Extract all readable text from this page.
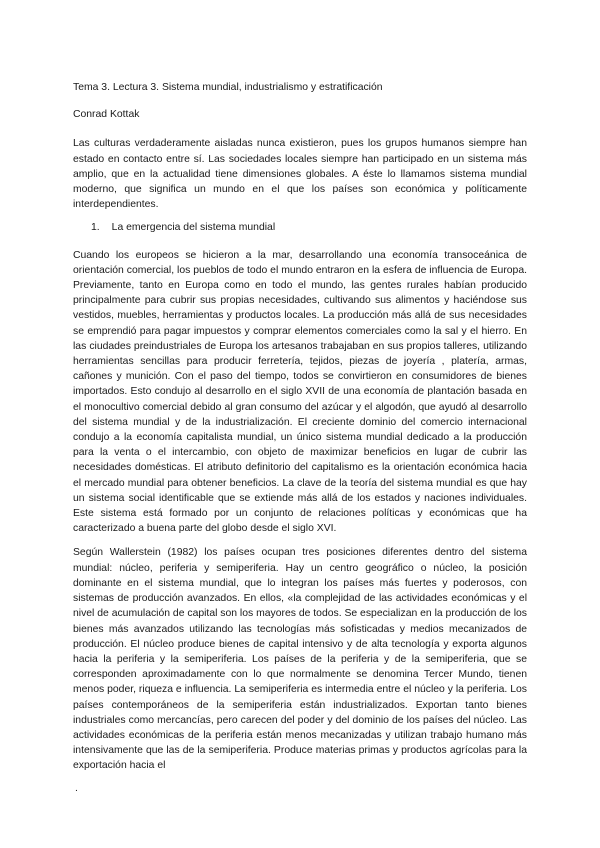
Tema 3. Lectura 3. Sistema mundial, industrialismo y estratificación
Conrad Kottak

Las culturas verdaderamente aisladas nunca existieron, pues los grupos humanos siempre han estado en contacto entre sí. Las sociedades locales siempre han participado en un sistema más amplio, que en la actualidad tiene dimensiones globales. A éste lo llamamos sistema mundial moderno, que significa un mundo en el que los países son económica y políticamente interdependientes.

1. La emergencia del sistema mundial

Cuando los europeos se hicieron a la mar, desarrollando una economía transoceánica de orientación comercial, los pueblos de todo el mundo entraron en la esfera de influencia de Europa. Previamente, tanto en Europa como en todo el mundo, las gentes rurales habían producido principalmente para cubrir sus propias necesidades, cultivando sus alimentos y haciéndose sus vestidos, muebles, herramientas y productos locales. La producción más allá de sus necesidades se emprendió para pagar impuestos y comprar elementos comerciales como la sal y el hierro. En las ciudades preindustriales de Europa los artesanos trabajaban en sus propios talleres, utilizando herramientas sencillas para producir ferretería, tejidos, piezas de joyería , platería, armas, cañones y munición. Con el paso del tiempo, todos se convirtieron en consumidores de bienes importados. Esto condujo al desarrollo en el siglo XVII de una economía de plantación basada en el monocultivo comercial debido al gran consumo del azúcar y el algodón, que ayudó al desarrollo del sistema mundial y de la industrialización. El creciente dominio del comercio internacional condujo a la economía capitalista mundial, un único sistema mundial dedicado a la producción para la venta o el intercambio, con objeto de maximizar beneficios en lugar de cubrir las necesidades domésticas. El atributo definitorio del capitalismo es la orientación económica hacia el mercado mundial para obtener beneficios. La clave de la teoría del sistema mundial es que hay un sistema social identificable que se extiende más allá de los estados y naciones individuales. Este sistema está formado por un conjunto de relaciones políticas y económicas que ha caracterizado a buena parte del globo desde el siglo XVI.

Según Wallerstein (1982) los países ocupan tres posiciones diferentes dentro del sistema mundial: núcleo, periferia y semiperiferia. Hay un centro geográfico o núcleo, la posición dominante en el sistema mundial, que lo integran los países más fuertes y poderosos, con sistemas de producción avanzados. En ellos, «la complejidad de las actividades económicas y el nivel de acumulación de capital son los mayores de todos. Se especializan en la producción de los bienes más avanzados utilizando las tecnologías más sofisticadas y medios mecanizados de producción. El núcleo produce bienes de capital intensivo y de alta tecnología y exporta algunos hacia la periferia y la semiperiferia. Los países de la periferia y de la semiperiferia, que se corresponden aproximadamente con lo que normalmente se denomina Tercer Mundo, tienen menos poder, riqueza e influencia. La semiperiferia es intermedia entre el núcleo y la periferia. Los países contemporáneos de la semiperiferia están industrializados. Exportan tanto bienes industriales como mercancías, pero carecen del poder y del dominio de los países del núcleo. Las actividades económicas de la periferia están menos mecanizadas y utilizan trabajo humano más intensivamente que las de la semiperiferia. Produce materias primas y productos agrícolas para la exportación hacia el

.
